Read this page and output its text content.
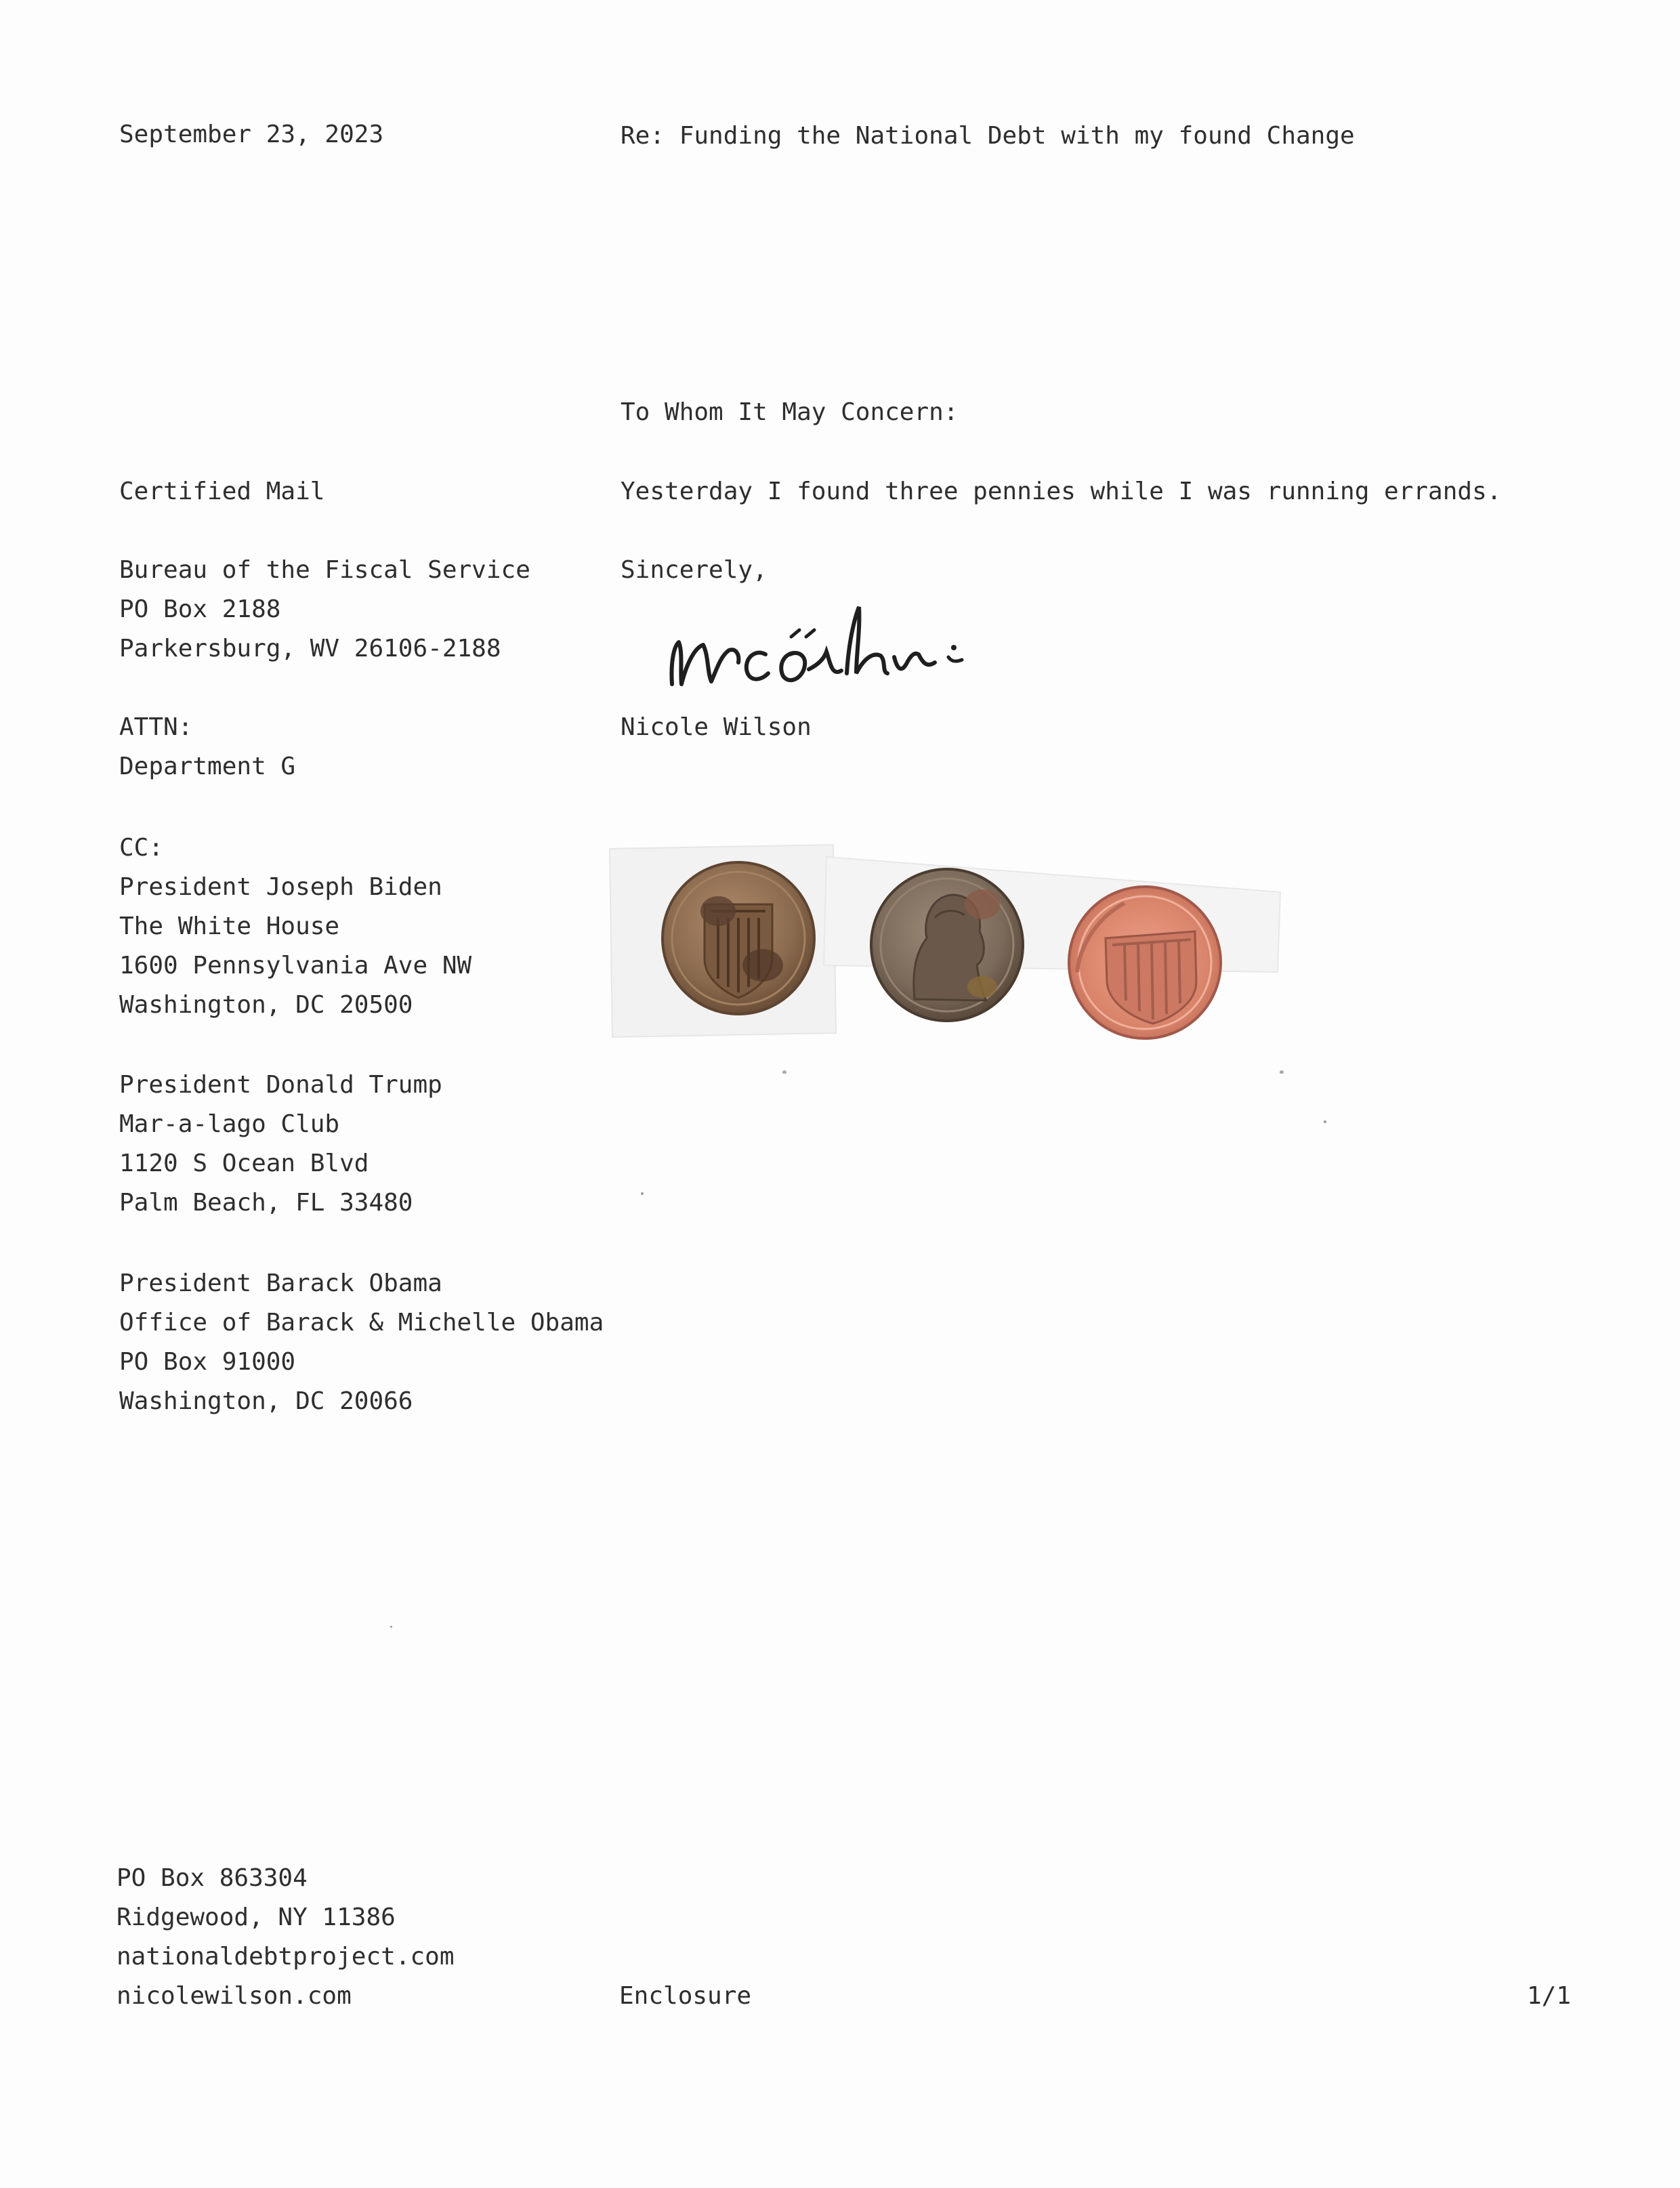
September 23, 2023	Re: Funding the National Debt with my found Change
To Whom It May Concern:
Yesterday I found three pennies while I was running errands.
Sincerely,
Nicole Wilson
Certified Mail
Bureau of the Fiscal Service
PO Box 2188
Parkersburg, WV 26106-2188
ATTN:
Department G
CC:
President Joseph Biden
The White House
1600 Pennsylvania Ave NW
Washington, DC 20500
President Donald Trump
Mar-a-lago Club
1120 S Ocean Blvd
Palm Beach, FL 33480
President Barack Obama
Office of Barack & Michelle Obama
PO Box 91000
Washington, DC 20066
PO Box 863304
Ridgewood, NY 11386
nationaldebtproject.com
nicolewilson.com	Enclosure	1/1
